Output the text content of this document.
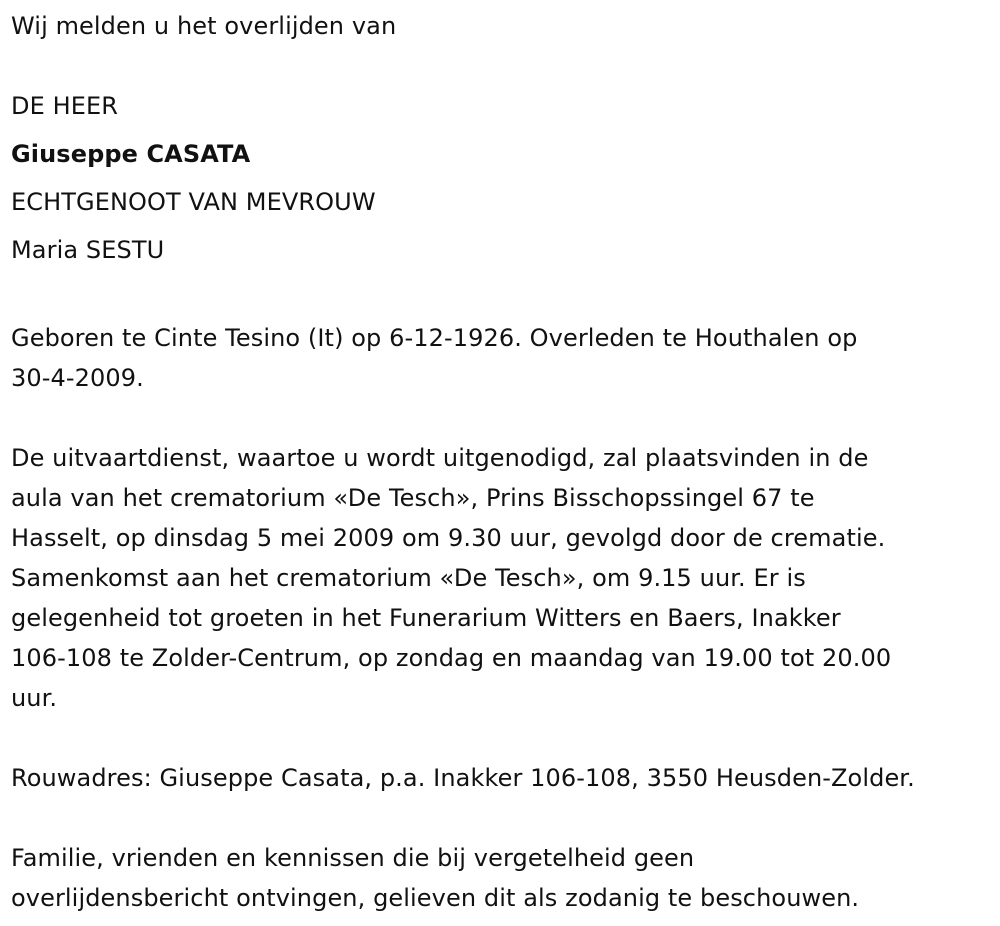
Wij melden u het overlijden van
DE HEER
Giuseppe CASATA
ECHTGENOOT VAN MEVROUW
Maria SESTU
Geboren te Cinte Tesino (It) op 6-12-1926. Overleden te Houthalen op
30-4-2009.
De uitvaartdienst, waartoe u wordt uitgenodigd, zal plaatsvinden in de
aula van het crematorium «De Tesch», Prins Bisschopssingel 67 te
Hasselt, op dinsdag 5 mei 2009 om 9.30 uur, gevolgd door de crematie.
Samenkomst aan het crematorium «De Tesch», om 9.15 uur. Er is
gelegenheid tot groeten in het Funerarium Witters en Baers, Inakker
106-108 te Zolder-Centrum, op zondag en maandag van 19.00 tot 20.00
uur.
Rouwadres: Giuseppe Casata, p.a. Inakker 106-108, 3550 Heusden-Zolder.
Familie, vrienden en kennissen die bij vergetelheid geen
overlijdensbericht ontvingen, gelieven dit als zodanig te beschouwen.
